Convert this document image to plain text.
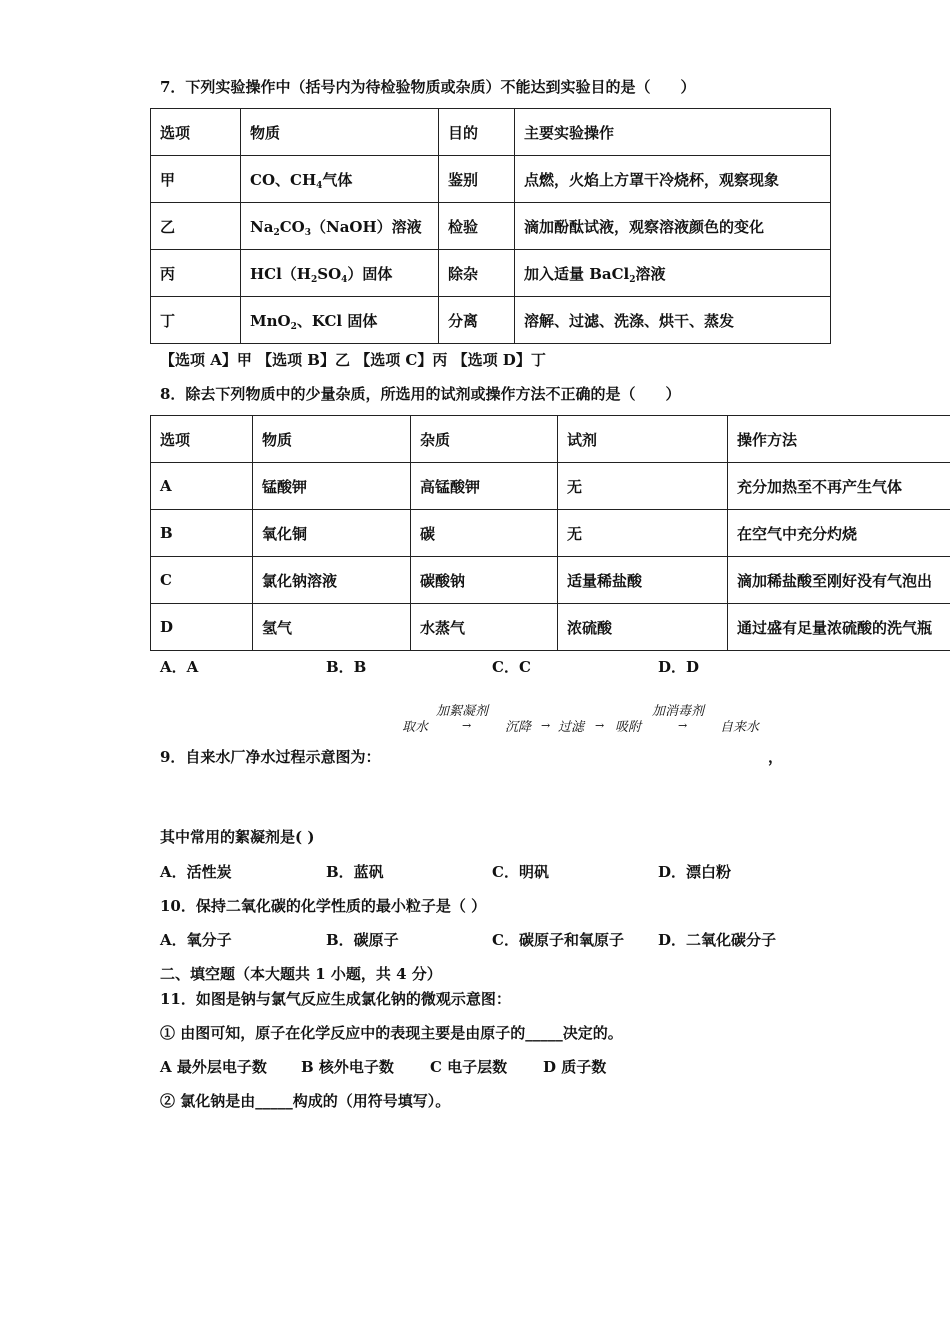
7．下列实验操作中（括号内为待检验物质或杂质）不能达到实验目的是（　　）
选项	物质	目的	主要实验操作
甲	CO、$CH_4$气体	鉴别	点燃，火焰上方罩干冷烧杯，观察现象
乙	$Na_2CO_3(NaOH)$溶液	检验	滴加酚酞试液，观察溶液颜色的变化
丙	$HCl(H_2SO_4)$固体	除杂	加入适量 BaCl$_2$溶液
丁	MnO$_2$、KCl 固体	分离	溶解、过滤、洗涤、烘干、蒸发
【选项 A】甲 【选项 B】乙 【选项 C】丙 【选项 D】丁
8．除去下列物质中的少量杂质，所选用的试剂或操作方法不正确的是（　　）
选项	物质	杂质	试剂	操作方法
A	锰酸钾	高锰酸钾	无	充分加热至不再产生气体
B	氧化铜	碳	无	在空气中充分灼烧
C	氯化钠溶液	碳酸钠	适量稀盐酸	滴加稀盐酸至刚好没有气泡出
D	氢气	水蒸气	浓硫酸	通过盛有足量浓硫酸的洗气瓶
A．A	B．B	C．C	D．D
取水
加絮凝剂
→	沉降 → 过滤 → 吸附
加消毒剂
→	自来水
9．自来水厂净水过程示意图为：	，
其中常用的絮凝剂是( )
A．活性炭	B．蓝矾	C．明矾	D．漂白粉
10．保持二氧化碳的化学性质的最小粒子是（ ）
A．氧分子	B．碳原子	C．碳原子和氧原子 D．二氧化碳分子
二、填空题（本大题共 1 小题，共 4 分）
11．如图是钠与氯气反应生成氯化钠的微观示意图：
① 由图可知，原子在化学反应中的表现主要是由原子的_____决定的。
A 最外层电子数 B 核外电子数 C 电子层数 D 质子数
② 氯化钠是由_____构成的（用符号填写）。
